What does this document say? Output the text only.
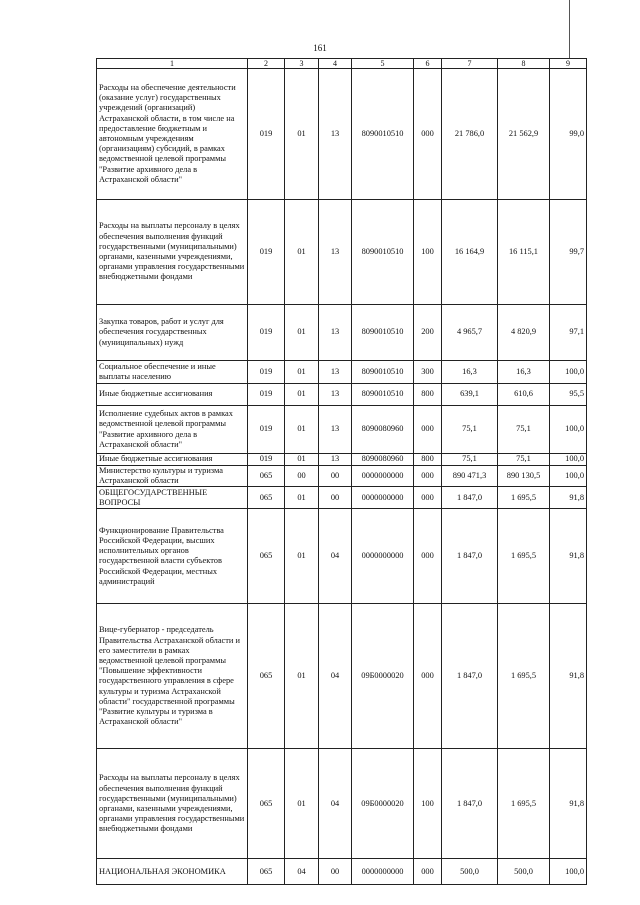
161
1	2	3	4	5	6	7	8	9
Расходы на обеспечение деятельности (оказание услуг) государственных учреждений (организаций) Астраханской области, в том числе на предоставление бюджетным и автономным учреждениям (организациям) субсидий, в рамках ведомственной целевой программы "Развитие архивного дела в Астраханской области"	019	01	13	8090010510	000	21 786,0	21 562,9	99,0
Расходы на выплаты персоналу в целях обеспечения выполнения функций государственными (муниципальными) органами, казенными учреждениями, органами управления государственными внебюджетными фондами	019	01	13	8090010510	100	16 164,9	16 115,1	99,7
Закупка товаров, работ и услуг для обеспечения государственных (муниципальных) нужд	019	01	13	8090010510	200	4 965,7	4 820,9	97,1
Социальное обеспечение и иные выплаты населению	019	01	13	8090010510	300	16,3	16,3	100,0
Иные бюджетные ассигнования	019	01	13	8090010510	800	639,1	610,6	95,5
Исполнение судебных актов в рамках ведомственной целевой программы "Развитие архивного дела в Астраханской области"	019	01	13	8090080960	000	75,1	75,1	100,0
Иные бюджетные ассигнования	019	01	13	8090080960	800	75,1	75,1	100,0
Министерство культуры и туризма Астраханской области	065	00	00	0000000000	000	890 471,3	890 130,5	100,0
ОБЩЕГОСУДАРСТВЕННЫЕ ВОПРОСЫ	065	01	00	0000000000	000	1 847,0	1 695,5	91,8
Функционирование Правительства Российской Федерации, высших исполнительных органов государственной власти субъектов Российской Федерации, местных администраций	065	01	04	0000000000	000	1 847,0	1 695,5	91,8
Вице-губернатор - председатель Правительства Астраханской области и его заместители в рамках ведомственной целевой программы "Повышение эффективности государственного управления в сфере культуры и туризма Астраханской области" государственной программы "Развитие культуры и туризма в Астраханской области"	065	01	04	09Б0000020	000	1 847,0	1 695,5	91,8
Расходы на выплаты персоналу в целях обеспечения выполнения функций государственными (муниципальными) органами, казенными учреждениями, органами управления государственными внебюджетными фондами	065	01	04	09Б0000020	100	1 847,0	1 695,5	91,8
НАЦИОНАЛЬНАЯ ЭКОНОМИКА	065	04	00	0000000000	000	500,0	500,0	100,0
